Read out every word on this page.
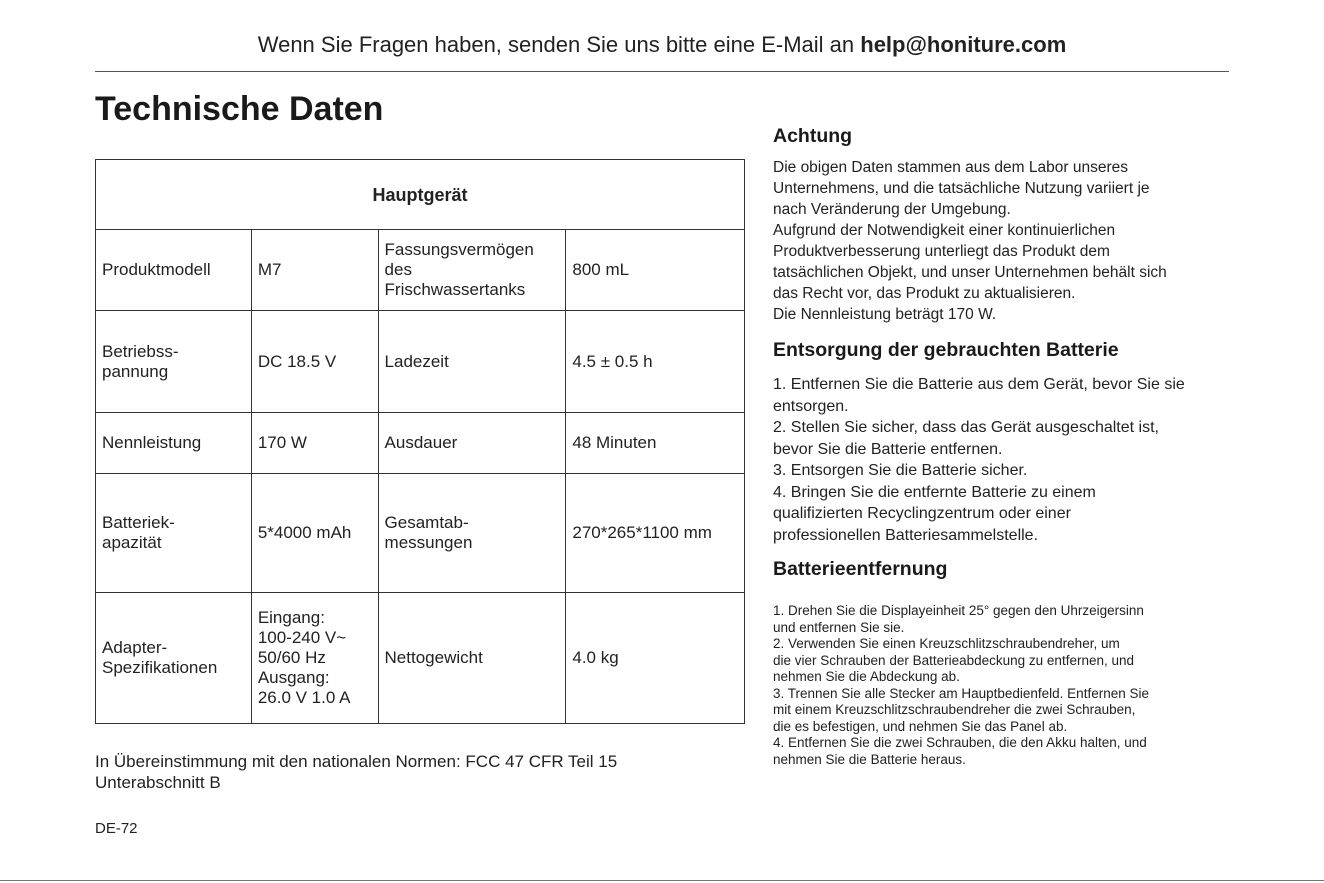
Wenn Sie Fragen haben, senden Sie uns bitte eine E-Mail an help@honiture.com
Technische Daten
Hauptgerät			
Produktmodell	M7	Fassungsvermögen
des
Frischwassertanks	800 mL
Betriebss-
pannung	DC 18.5 V	Ladezeit	4.5 ± 0.5 h
Nennleistung	170 W	Ausdauer	48 Minuten
Batteriek-
apazität	5*4000 mAh	Gesamtab-
messungen	270*265*1100 mm
Adapter-
Spezifikationen	Eingang:
100-240 V~
50/60 Hz
Ausgang:
26.0 V 1.0 A	Nettogewicht	4.0 kg
In Übereinstimmung mit den nationalen Normen: FCC 47 CFR Teil 15
Unterabschnitt B
DE-72
Achtung

Die obigen Daten stammen aus dem Labor unseres
Unternehmens, und die tatsächliche Nutzung variiert je
nach Veränderung der Umgebung.
Aufgrund der Notwendigkeit einer kontinuierlichen
Produktverbesserung unterliegt das Produkt dem
tatsächlichen Objekt, und unser Unternehmen behält sich
das Recht vor, das Produkt zu aktualisieren.
Die Nennleistung beträgt 170 W.

Entsorgung der gebrauchten Batterie

1. Entfernen Sie die Batterie aus dem Gerät, bevor Sie sie
entsorgen.
2. Stellen Sie sicher, dass das Gerät ausgeschaltet ist,
bevor Sie die Batterie entfernen.
3. Entsorgen Sie die Batterie sicher.
4. Bringen Sie die entfernte Batterie zu einem
qualifizierten Recyclingzentrum oder einer
professionellen Batteriesammelstelle.

Batterieentfernung

1. Drehen Sie die Displayeinheit 25° gegen den Uhrzeigersinn
und entfernen Sie sie.
2. Verwenden Sie einen Kreuzschlitzschraubendreher, um
die vier Schrauben der Batterieabdeckung zu entfernen, und
nehmen Sie die Abdeckung ab.
3. Trennen Sie alle Stecker am Hauptbedienfeld. Entfernen Sie
mit einem Kreuzschlitzschraubendreher die zwei Schrauben,
die es befestigen, und nehmen Sie das Panel ab.
4. Entfernen Sie die zwei Schrauben, die den Akku halten, und
nehmen Sie die Batterie heraus.
